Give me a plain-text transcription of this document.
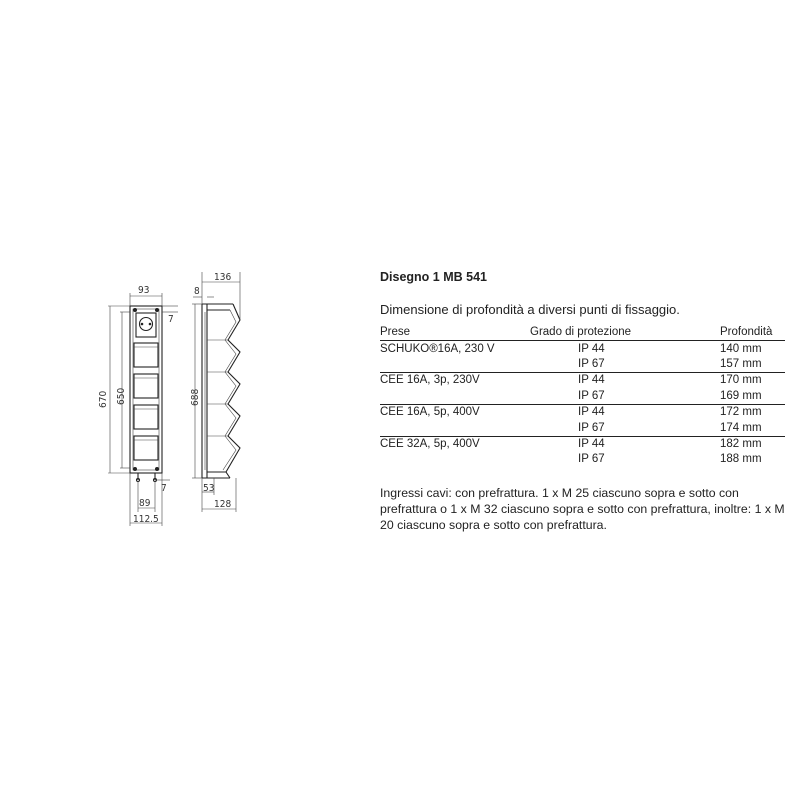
93
7
670 650
7
89
112.5
136
8
688
53
128
Disegno 1 MB 541
Dimensione di profondità a diversi punti di fissaggio.
Prese	Grado di protezione	Profondità
SCHUKO®16A, 230 V	IP 44	140 mm
	IP 67	157 mm
CEE 16A, 3p, 230V	IP 44	170 mm
	IP 67	169 mm
CEE 16A, 5p, 400V	IP 44	172 mm
	IP 67	174 mm
CEE 32A, 5p, 400V	IP 44	182 mm
	IP 67	188 mm
Ingressi cavi: con prefrattura. 1 x M 25 ciascuno sopra e sotto con prefrattura o 1 x M 32 ciascuno sopra e sotto con prefrattura, inoltre: 1 x M 20 ciascuno sopra e sotto con prefrattura.
